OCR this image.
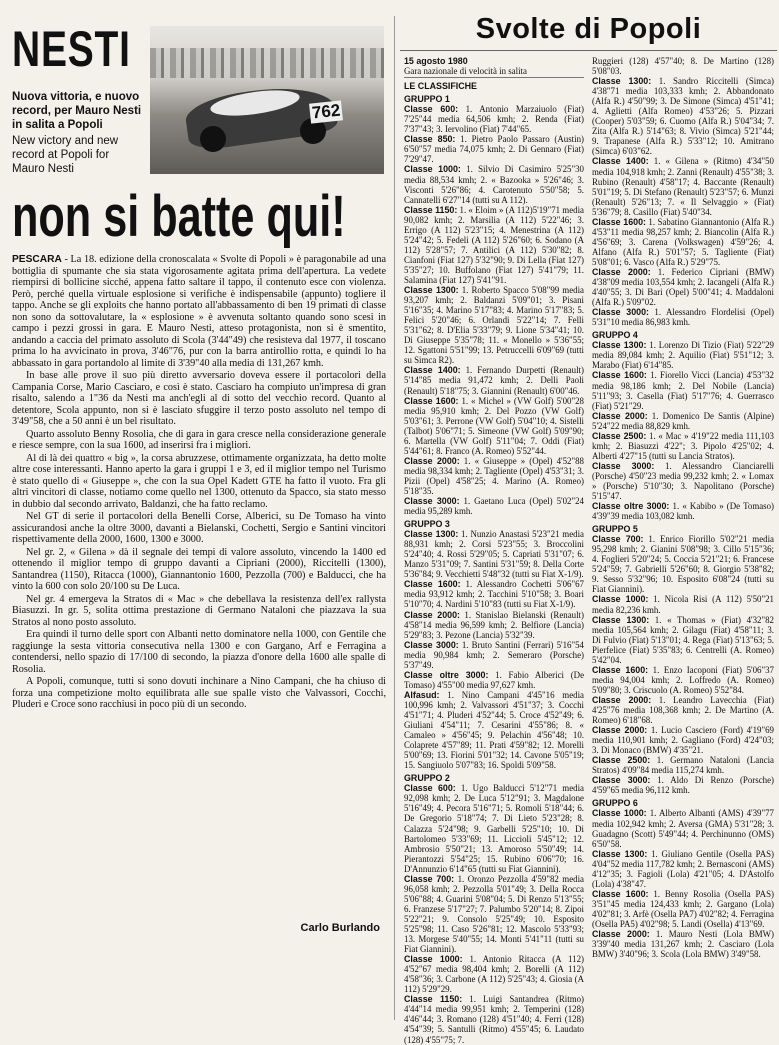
NESTI
762
Nuova vittoria, e nuovo record, per Mauro Nesti in salita a Popoli
New victory and new record at Popoli for Mauro Nesti
non si batte qui!

PESCARA - La 18. edizione della cronoscalata « Svolte di Popoli » è paragonabile ad una bottiglia di spumante che sia stata vigorosamente agitata prima dell'apertura. La vedete riempirsi di bollicine sicché, appena fatto saltare il tappo, il contenuto esce con violenza. Però, perché quella virtuale esplosione si verifiche è indispensabile (appunto) togliere il tappo. Anche se gli exploits che hanno portato all'abbassamento di ben 19 primati di classe non sono da sottovalutare, la « esplosione » è avvenuta soltanto quando sono scesi in campo i pezzi grossi in gara. E Mauro Nesti, atteso protagonista, non si è smentito, andando a caccia del primato assoluto di Scola (3'44"49) che resisteva dal 1977, il toscano prima lo ha avvicinato in prova, 3'46"76, pur con la barra antirollio rotta, e quindi lo ha abbassato in gara portandolo al limite di 3'39"40 alla media di 131,267 kmh.

In base alle prove il suo più diretto avversario doveva essere il portacolori della Campania Corse, Mario Casciaro, e così è stato. Casciaro ha compiuto un'impresa di gran risalto, salendo a 1"36 da Nesti ma anch'egli al di sotto del vecchio record. Quanto al detentore, Scola appunto, non si è lasciato sfuggire il terzo posto assoluto nel tempo di 3'49"58, che a 50 anni è un bel risultato.

Quarto assoluto Benny Rosolia, che di gara in gara cresce nella considerazione generale e riesce sempre, con la sua 1600, ad inserirsi fra i migliori.

Al di là dei quattro « big », la corsa abruzzese, ottimamente organizzata, ha detto molte altre cose interessanti. Hanno aperto la gara i gruppi 1 e 3, ed il miglior tempo nel Turismo è stato quello di « Giuseppe », che con la sua Opel Kadett GTE ha fatto il vuoto. Fra gli altri vincitori di classe, notiamo come quello nel 1300, ottenuto da Spacco, sia stato messo in dubbio dal secondo arrivato, Baldanzi, che ha fatto reclamo.

Nel GT di serie il portacolori della Benelli Corse, Alberici, su De Tomaso ha vinto assicurandosi anche la oltre 3000, davanti a Bielanski, Cochetti, Sergio e Santini vincitori rispettivamente della 2000, 1600, 1300 e 3000.

Nel gr. 2, « Gilena » dà il segnale dei tempi di valore assoluto, vincendo la 1400 ed ottenendo il miglior tempo di gruppo davanti a Cipriani (2000), Riccitelli (1300), Santandrea (1150), Ritacca (1000), Giannantonio 1600, Pezzolla (700) e Balducci, che ha vinto la 600 con solo 20/100 su De Luca.

Nel gr. 4 emergeva la Stratos di « Mac » che debellava la resistenza dell'ex rallysta Biasuzzi. In gr. 5, solita ottima prestazione di Germano Nataloni che piazzava la sua Stratos al nono posto assoluto.

Era quindi il turno delle sport con Albanti netto dominatore nella 1000, con Gentile che raggiunge la sesta vittoria consecutiva nella 1300 e con Gargano, Arf e Ferragina a contendersi, nello spazio di 17/100 di secondo, la piazza d'onore della 1600 alle spalle di Rosolia.

A Popoli, comunque, tutti si sono dovuti inchinare a Nino Campani, che ha chiuso di forza una competizione molto equilibrata alle sue spalle visto che Valvassori, Cocchi, Pluderi e Croce sono racchiusi in poco più di un secondo.

Carlo Burlando
Svolte di Popoli

15 agosto 1980

Gara nazionale di velocità in salita

LE CLASSIFICHE

GRUPPO 1

Classe 600: 1. Antonio Marzaiuolo (Fiat) 7'25"44 media 64,506 kmh; 2. Renda (Fiat) 7'37"43; 3. Iervolino (Fiat) 7'44"65.

Classe 850: 1. Pietro Paolo Passaro (Austin) 6'50"57 media 74,075 kmh; 2. Di Gennaro (Fiat) 7'29"47.

Classe 1000: 1. Silvio Di Casimiro 5'25"30 media 88,534 kmh; 2. « Bazooka » 5'26"46; 3. Visconti 5'26"86; 4. Carotenuto 5'50"58; 5. Cannatelli 6'27"14 (tutti su A 112).

Classe 1150: 1. « Eloim » (A 112)5'19"71 media 90,082 kmh; 2. Marsilia (A 112) 5'22"46; 3. Errigo (A 112) 5'23"15; 4. Menestrina (A 112) 5'24"42; 5. Fedeli (A 112) 5'26"60; 6. Sodano (A 112) 5'28"57; 7. Antilici (A 112) 5'30"82; 8. Cianfoni (Fiat 127) 5'32"90; 9. Di Lella (Fiat 127) 5'35"27; 10. Buffolano (Fiat 127) 5'41"79; 11. Salamina (Fiat 127) 5'41"91.

Classe 1300: 1. Roberto Spacco 5'08"99 media 93,207 kmh; 2. Baldanzi 5'09"01; 3. Pisani 5'16"35; 4. Marino 5'17"83; 4. Marino 5'17"83; 5. Felici 5'20"46; 6. Orlandi 5'22"14; 7. Felli 5'31"62; 8. D'Elia 5'33"79; 9. Lione 5'34"41; 10. Di Giuseppe 5'35"78; 11. « Monello » 5'36"55; 12. Sgattoni 5'51"99; 13. Petruccelli 6'09"69 (tutti su Simca R2).

Classe 1400: 1. Fernando Durpetti (Renault) 5'14"85 media 91,472 kmh; 2. Delli Paoli (Renault) 5'18"75; 3. Giannini (Renault) 6'00"46.

Classe 1600: 1. « Michel » (VW Golf) 5'00"28 media 95,910 kmh; 2. Del Pozzo (VW Golf) 5'03"61; 3. Perrone (VW Golf) 5'04"10; 4. Sistelli (Talbot) 5'06"71; 5. Simeone (VW Golf) 5'09"90; 6. Martella (VW Golf) 5'11"04; 7. Oddi (Fiat) 5'44"61; 8. Franco (A. Romeo) 5'52"44.

Classe 2000: 1. « Giuseppe » (Opel) 4'52"88 media 98,334 kmh; 2. Tagliente (Opel) 4'53"31; 3. Pizii (Opel) 4'58"25; 4. Marino (A. Romeo) 5'18"35.

Classe 3000: 1. Gaetano Luca (Opel) 5'02"24 media 95,289 kmh.

GRUPPO 3

Classe 1300: 1. Nunzio Anastasi 5'23"21 media 88,931 kmh; 2. Corsi 5'23"55; 3. Broccolini 5'24"40; 4. Rossi 5'29"05; 5. Capriati 5'31"07; 6. Manzo 5'31"09; 7. Santini 5'31"59; 8. Della Corte 5'36"84; 9. Vecchietti 5'48"32 (tutti su Fiat X-1/9).

Classe 1600: 1. Alessandro Cochetti 5'06"67 media 93,912 kmh; 2. Tacchini 5'10"58; 3. Boari 5'10"70; 4. Nardini 5'10"83 (tutti su Fiat X-1/9).

Classe 2000: 1. Stanislao Bielanski (Renault) 4'58"14 media 96,599 kmh; 2. Belfiore (Lancia) 5'29"83; 3. Pezone (Lancia) 5'32"39.

Classe 3000: 1. Bruto Santini (Ferrari) 5'16"54 media 90,984 kmh; 2. Semeraro (Porsche) 5'37"49.

Classe oltre 3000: 1. Fabio Alberici (De Tomaso) 4'55"00 media 97,627 kmh.

Alfasud: 1. Nino Campani 4'45"16 media 100,996 kmh; 2. Valvassori 4'51"37; 3. Cocchi 4'51"71; 4. Pluderi 4'52"44; 5. Croce 4'52"49; 6. Giuliani 4'54"11; 7. Cesarini 4'55"86; 8. « Camaleo » 4'56"45; 9. Pelachin 4'56"48; 10. Colaprete 4'57"89; 11. Prati 4'59"82; 12. Morelli 5'00"69; 13. Fiorini 5'01"32; 14. Cavone 5'05"19; 15. Sangiuolo 5'07"83; 16. Spoldi 5'09"58.

GRUPPO 2

Classe 600: 1. Ugo Balducci 5'12"71 media 92,098 kmh; 2. De Luca 5'12"91; 3. Magdalone 5'16"49; 4. Pecora 5'16"71; 5. Romoli 5'18"44; 6. De Gregorio 5'18"74; 7. Di Lieto 5'23"28; 8. Calazza 5'24"98; 9. Garbelli 5'25"10; 10. Di Bartolomeo 5'33"69; 11. Liccioli 5'45"12; 12. Ambrosio 5'50"21; 13. Amoroso 5'50"49; 14. Pierantozzi 5'54"25; 15. Rubino 6'06"70; 16. D'Annunzio 6'14"65 (tutti su Fiat Giannini).

Classe 700: 1. Oronzo Pezzolla 4'59"82 media 96,058 kmh; 2. Pezzolla 5'01"49; 3. Della Rocca 5'06"88; 4. Guarini 5'08"04; 5. Di Renzo 5'13"55; 6. Franzese 5'17"27; 7. Palumbo 5'20"14; 8. Zipoi 5'22"21; 9. Consolo 5'25"49; 10. Esposito 5'25"98; 11. Caso 5'26"81; 12. Mascolo 5'33"93; 13. Morgese 5'40"55; 14. Monti 5'41"11 (tutti su Fiat Giannini).

Classe 1000: 1. Antonio Ritacca (A 112) 4'52"67 media 98,404 kmh; 2. Borelli (A 112) 4'58"36; 3. Carbone (A 112) 5'25"43; 4. Giosia (A 112) 5'29"29.

Classe 1150: 1. Luigi Santandrea (Ritmo) 4'44"14 media 99,951 kmh; 2. Temperini (128) 4'46"44; 3. Romano (128) 4'51"40; 4. Ferri (128) 4'54"39; 5. Santulli (Ritmo) 4'55"45; 6. Laudato (128) 4'55"75; 7.

Ruggieri (128) 4'57"40; 8. De Martino (128) 5'08"03.

Classe 1300: 1. Sandro Riccitelli (Simca) 4'38"71 media 103,333 kmh; 2. Abbandonato (Alfa R.) 4'50"99; 3. De Simone (Simca) 4'51"41; 4. Aglietti (Alfa Romeo) 4'53"26; 5. Pizzari (Cooper) 5'03"59; 6. Cuomo (Alfa R.) 5'04"34; 7. Zita (Alfa R.) 5'14"63; 8. Vivio (Simca) 5'21"44; 9. Trapanese (Alfa R.) 5'33"12; 10. Amitrano (Simca) 6'03"62.

Classe 1400: 1. « Gilena » (Ritmo) 4'34"50 media 104,918 kmh; 2. Zanni (Renault) 4'55"38; 3. Rubino (Renault) 4'58"17; 4. Baccante (Renault) 5'01"19; 5. Di Stefano (Renault) 5'23"57; 6. Munzi (Renault) 5'26"13; 7. « Il Selvaggio » (Fiat) 5'36"79; 8. Casillo (Fiat) 5'40"34.

Classe 1600: 1. Sabatino Giannantonio (Alfa R.) 4'53"11 media 98,257 kmh; 2. Biancolin (Alfa R.) 4'56"69; 3. Carena (Volkswagen) 4'59"26; 4. Alfano (Alfa R.) 5'01"57; 5. Tagliente (Fiat) 5'08"01; 6. Vasco (Alfa R.) 5'29"75.

Classe 2000: 1. Federico Cipriani (BMW) 4'38"09 media 103,554 kmh; 2. Iacangeli (Alfa R.) 4'40"55; 3. Di Bari (Opel) 5'00"41; 4. Maddaloni (Alfa R.) 5'09"02.

Classe 3000: 1. Alessandro Flordelisi (Opel) 5'31"10 media 86,983 kmh.

GRUPPO 4

Classe 1300: 1. Lorenzo Di Tizio (Fiat) 5'22"29 media 89,084 kmh; 2. Aquilio (Fiat) 5'51"12; 3. Marabo (Fiat) 6'14"85.

Classe 1600: 1. Fiorello Vicci (Lancia) 4'53"32 media 98,186 kmh; 2. Del Nobile (Lancia) 5'11"93; 3. Casella (Fiat) 5'17"76; 4. Guerrasco (Fiat) 5'21"29.

Classe 2000: 1. Domenico De Santis (Alpine) 5'24"22 media 88,829 kmh.

Classe 2500: 1. « Mac » 4'19"22 media 111,103 kmh; 2. Biasuzzi 4'22"; 3. Pipolo 4'25"02; 4. Alberti 4'27"15 (tutti su Lancia Stratos).

Classe 3000: 1. Alessandro Cianciarelli (Porsche) 4'50"23 media 99,232 kmh; 2. « Lomax » (Porsche) 5'10"30; 3. Napolitano (Porsche) 5'15"47.

Classe oltre 3000: 1. « Kabibo » (De Tomaso) 4'39"39 media 103,082 kmh.

GRUPPO 5

Classe 700: 1. Enrico Fiorillo 5'02"21 media 95,298 kmh; 2. Gianini 5'08"98; 3. Cillo 5'15"36; 4. Foglieri 5'20"24; 5. Coccia 5'21"21; 6. Francese 5'24"59; 7. Gabrielli 5'26"60; 8. Giorgio 5'38"82; 9. Sesso 5'32"96; 10. Esposito 6'08"24 (tutti su Fiat Giannini).

Classe 1000: 1. Nicola Risi (A 112) 5'50"21 media 82,236 kmh.

Classe 1300: 1. « Thomas » (Fiat) 4'32"82 media 105,564 kmh; 2. Gilagu (Fiat) 4'58"11; 3. Di Fulvio (Fiat) 5'13"01; 4. Rega (Fiat) 5'13"63; 5. Pierfelice (Fiat) 5'35"83; 6. Centrelli (A. Romeo) 5'42"04.

Classe 1600: 1. Enzo Iacoponi (Fiat) 5'06"37 media 94,004 kmh; 2. Loffredo (A. Romeo) 5'09"80; 3. Criscuolo (A. Romeo) 5'52"84.

Classe 2000: 1. Leandro Lavecchia (Fiat) 4'25"76 media 108,368 kmh; 2. De Martino (A. Romeo) 6'18"68.

Classe 2000: 1. Lucio Casciero (Ford) 4'19"69 media 110,901 kmh; 2. Gagliano (Ford) 4'24"03; 3. Di Monaco (BMW) 4'35"21.

Classe 2500: 1. Germano Nataloni (Lancia Stratos) 4'09"84 media 115,274 kmh.

Classe 3000: 1. Aldo Di Renzo (Porsche) 4'59"65 media 96,112 kmh.

GRUPPO 6

Classe 1000: 1. Alberto Albanti (AMS) 4'39"77 media 102,942 kmh; 2. Aversa (GMA) 5'31"28; 3. Guadagno (Scott) 5'49"44; 4. Perchinunno (OMS) 6'50"58.

Classe 1300: 1. Giuliano Gentile (Osella PAS) 4'04"52 media 117,782 kmh; 2. Bernasconi (AMS) 4'12"35; 3. Fagioli (Lola) 4'21"05; 4. D'Astolfo (Lola) 4'38"47.

Classe 1600: 1. Benny Rosolia (Osella PAS) 3'51"45 media 124,433 kmh; 2. Gargano (Lola) 4'02"81; 3. Arfè (Osella PA7) 4'02"82; 4. Ferragina (Osella PA5) 4'02"98; 5. Landi (Osella) 4'13"69.

Classe 2000: 1. Mauro Nesti (Lola BMW) 3'39"40 media 131,267 kmh; 2. Casciaro (Lola BMW) 3'40"96; 3. Scola (Lola BMW) 3'49"58.
